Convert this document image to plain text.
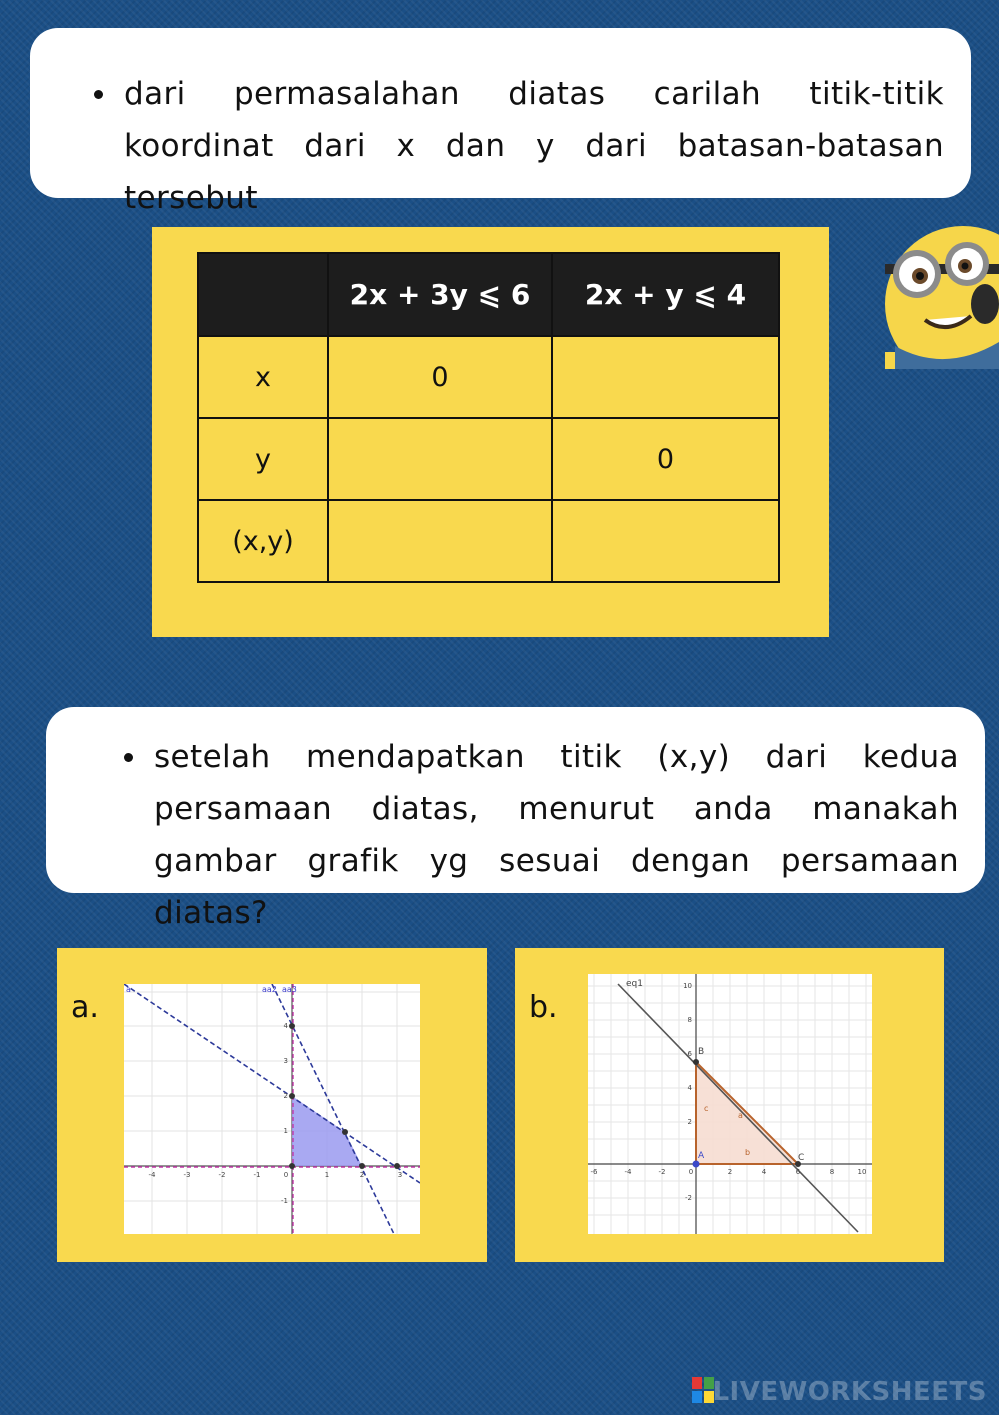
dari permasalahan diatas carilah titik-titik koordinat dari x dan y dari batasan-batasan tersebut
	2x + 3y ⩽ 6	2x + y ⩽ 4
x	0	
y		0
(x,y)		
setelah mendapatkan titik (x,y) dari kedua persamaan diatas, menurut anda manakah gambar grafik yg sesuai dengan persamaan diatas?
a.
a	aa2 aa3
-4	-3	-2	-1	0	1	2	3
4
3
2
1
-1
b.
eq1
A
B
C
a
b
c
-6	-4	-2	0	2	4	6	8	10
10
8
6
4
2
-2
LIVEWORKSHEETS
